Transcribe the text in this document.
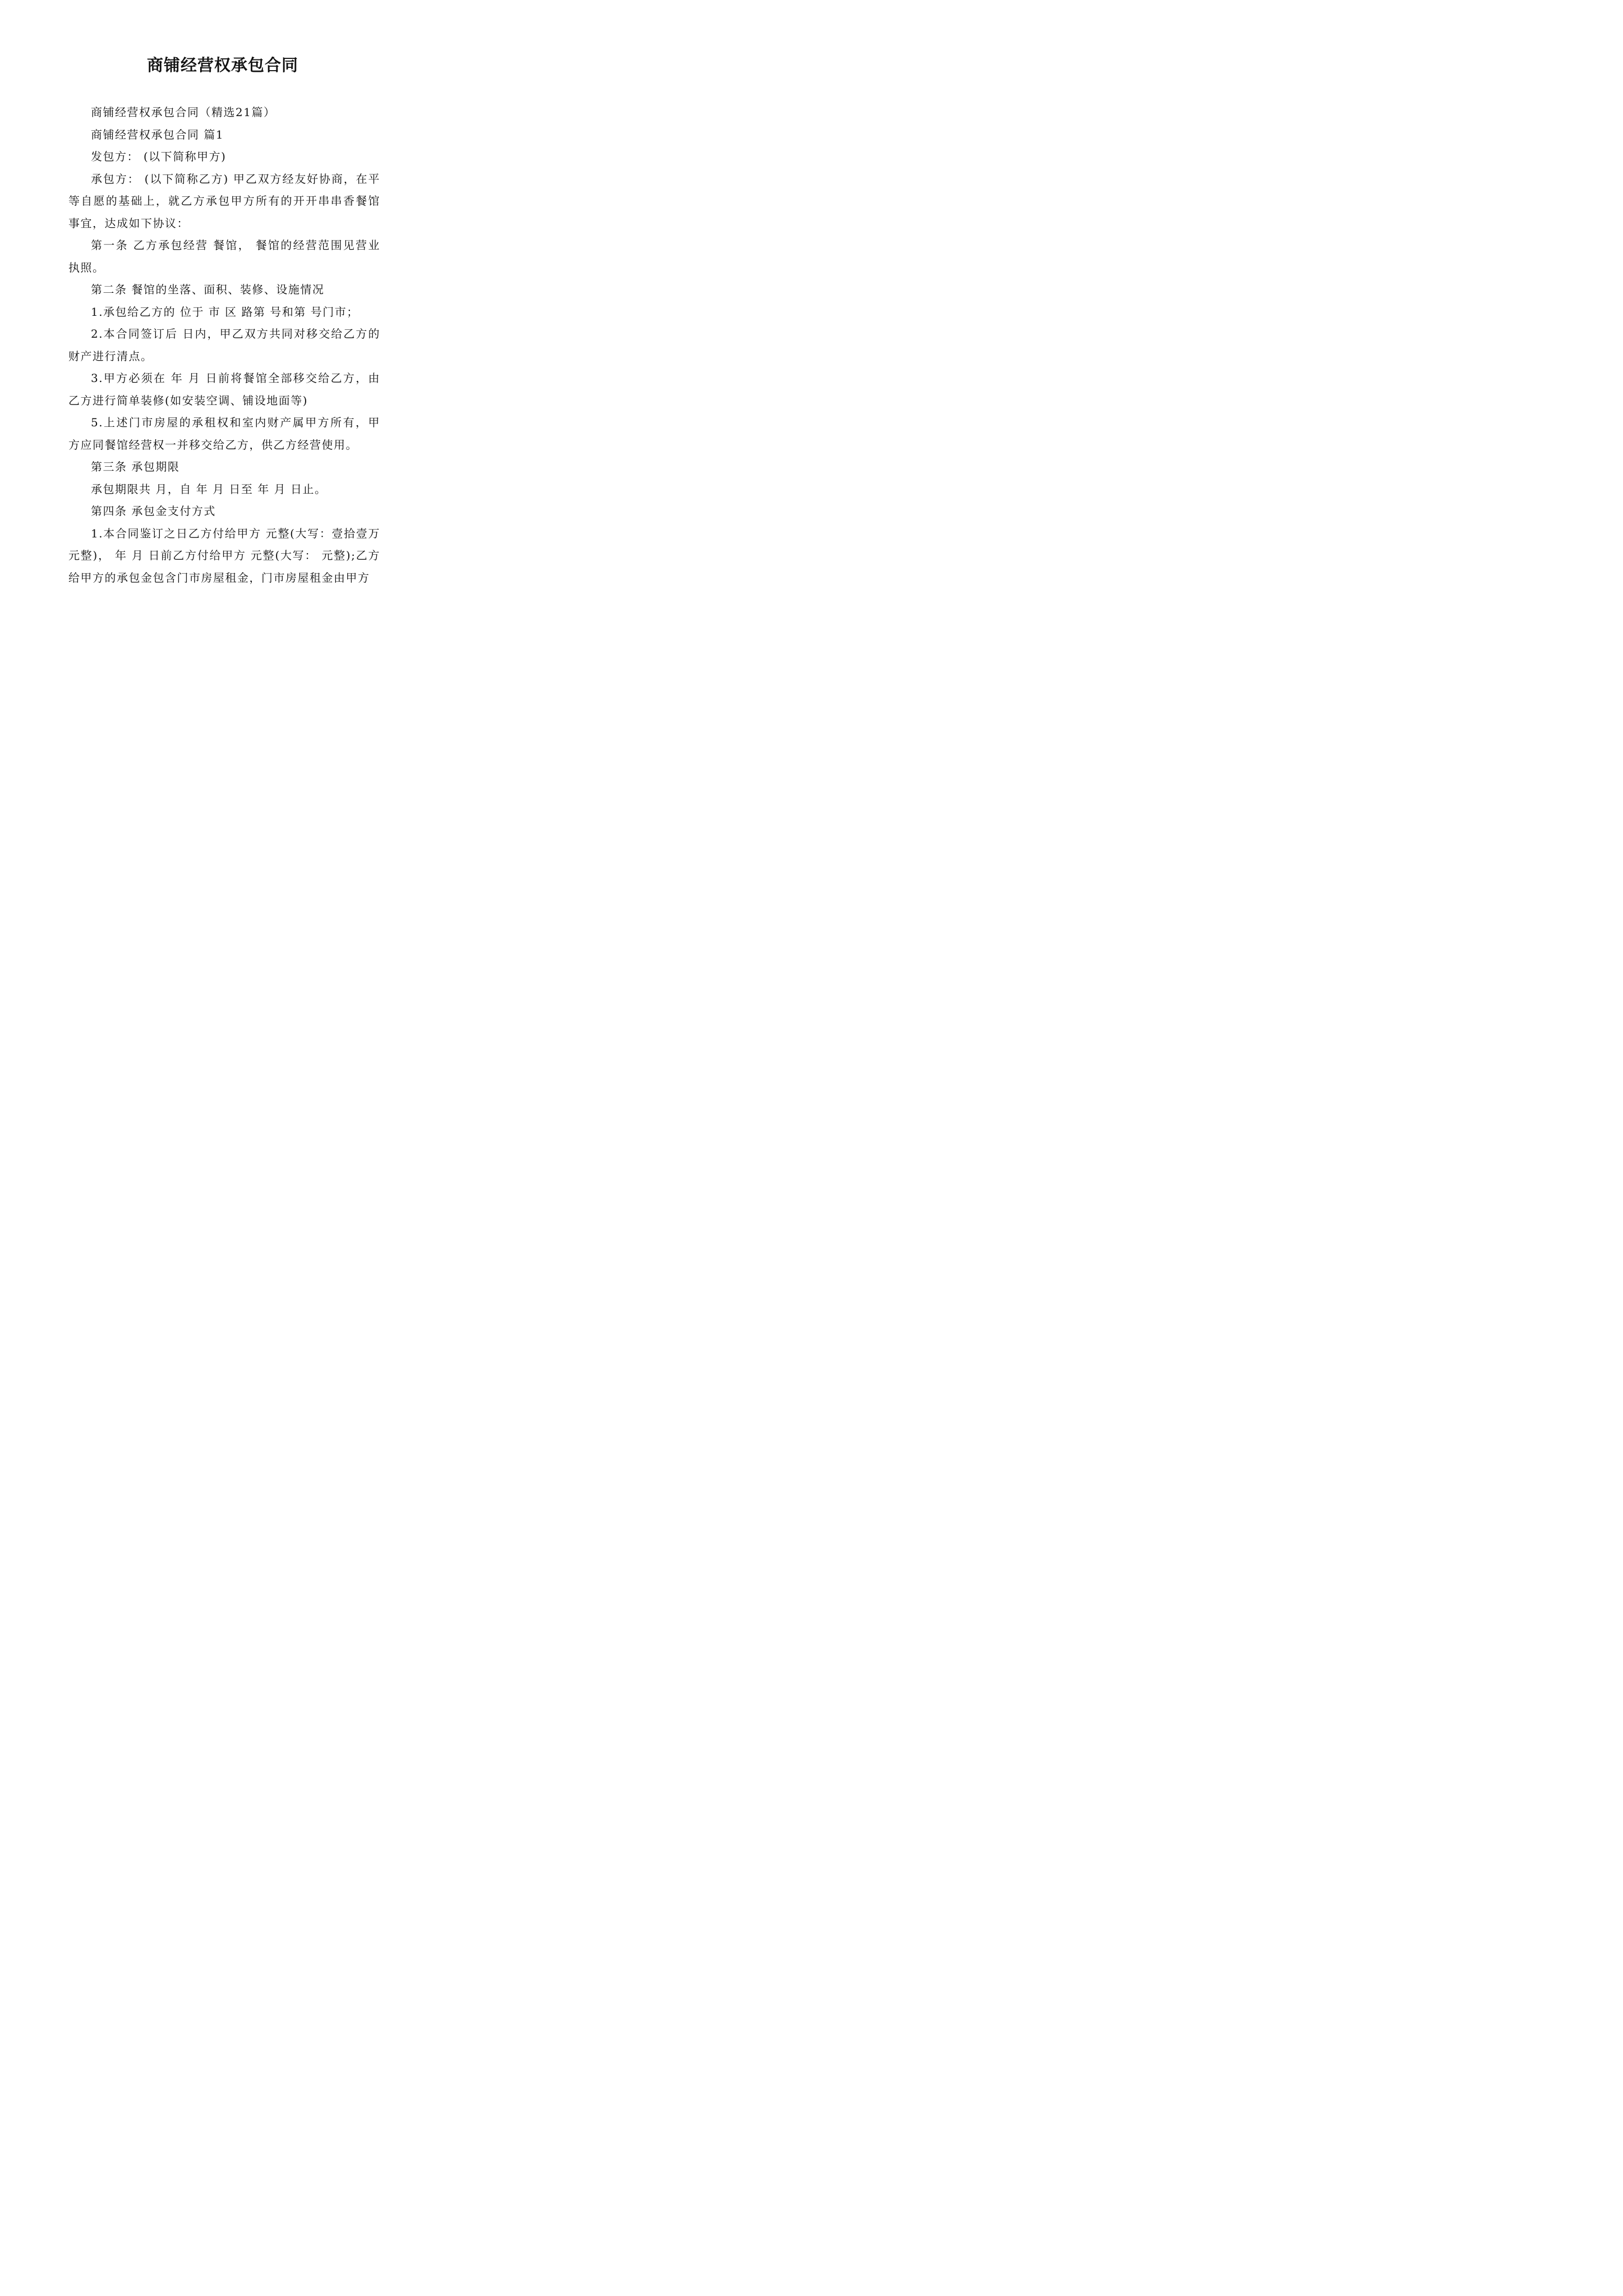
商铺经营权承包合同

商铺经营权承包合同（精选21篇）

商铺经营权承包合同 篇1

发包方： (以下简称甲方)

承包方： (以下简称乙方) 甲乙双方经友好协商，在平等自愿的基础上，就乙方承包甲方所有的开开串串香餐馆事宜，达成如下协议：

第一条 乙方承包经营 餐馆， 餐馆的经营范围见营业执照。

第二条 餐馆的坐落、面积、装修、设施情况

1.承包给乙方的 位于 市 区 路第 号和第 号门市；

2.本合同签订后 日内，甲乙双方共同对移交给乙方的财产进行清点。

3.甲方必须在 年 月 日前将餐馆全部移交给乙方，由乙方进行简单装修(如安装空调、铺设地面等)

5.上述门市房屋的承租权和室内财产属甲方所有，甲方应同餐馆经营权一并移交给乙方，供乙方经营使用。

第三条 承包期限

承包期限共 月，自 年 月 日至 年 月 日止。

第四条 承包金支付方式

1.本合同鉴订之日乙方付给甲方 元整(大写：壹拾壹万元整)， 年 月 日前乙方付给甲方 元整(大写： 元整);乙方给甲方的承包金包含门市房屋租金，门市房屋租金由甲方
